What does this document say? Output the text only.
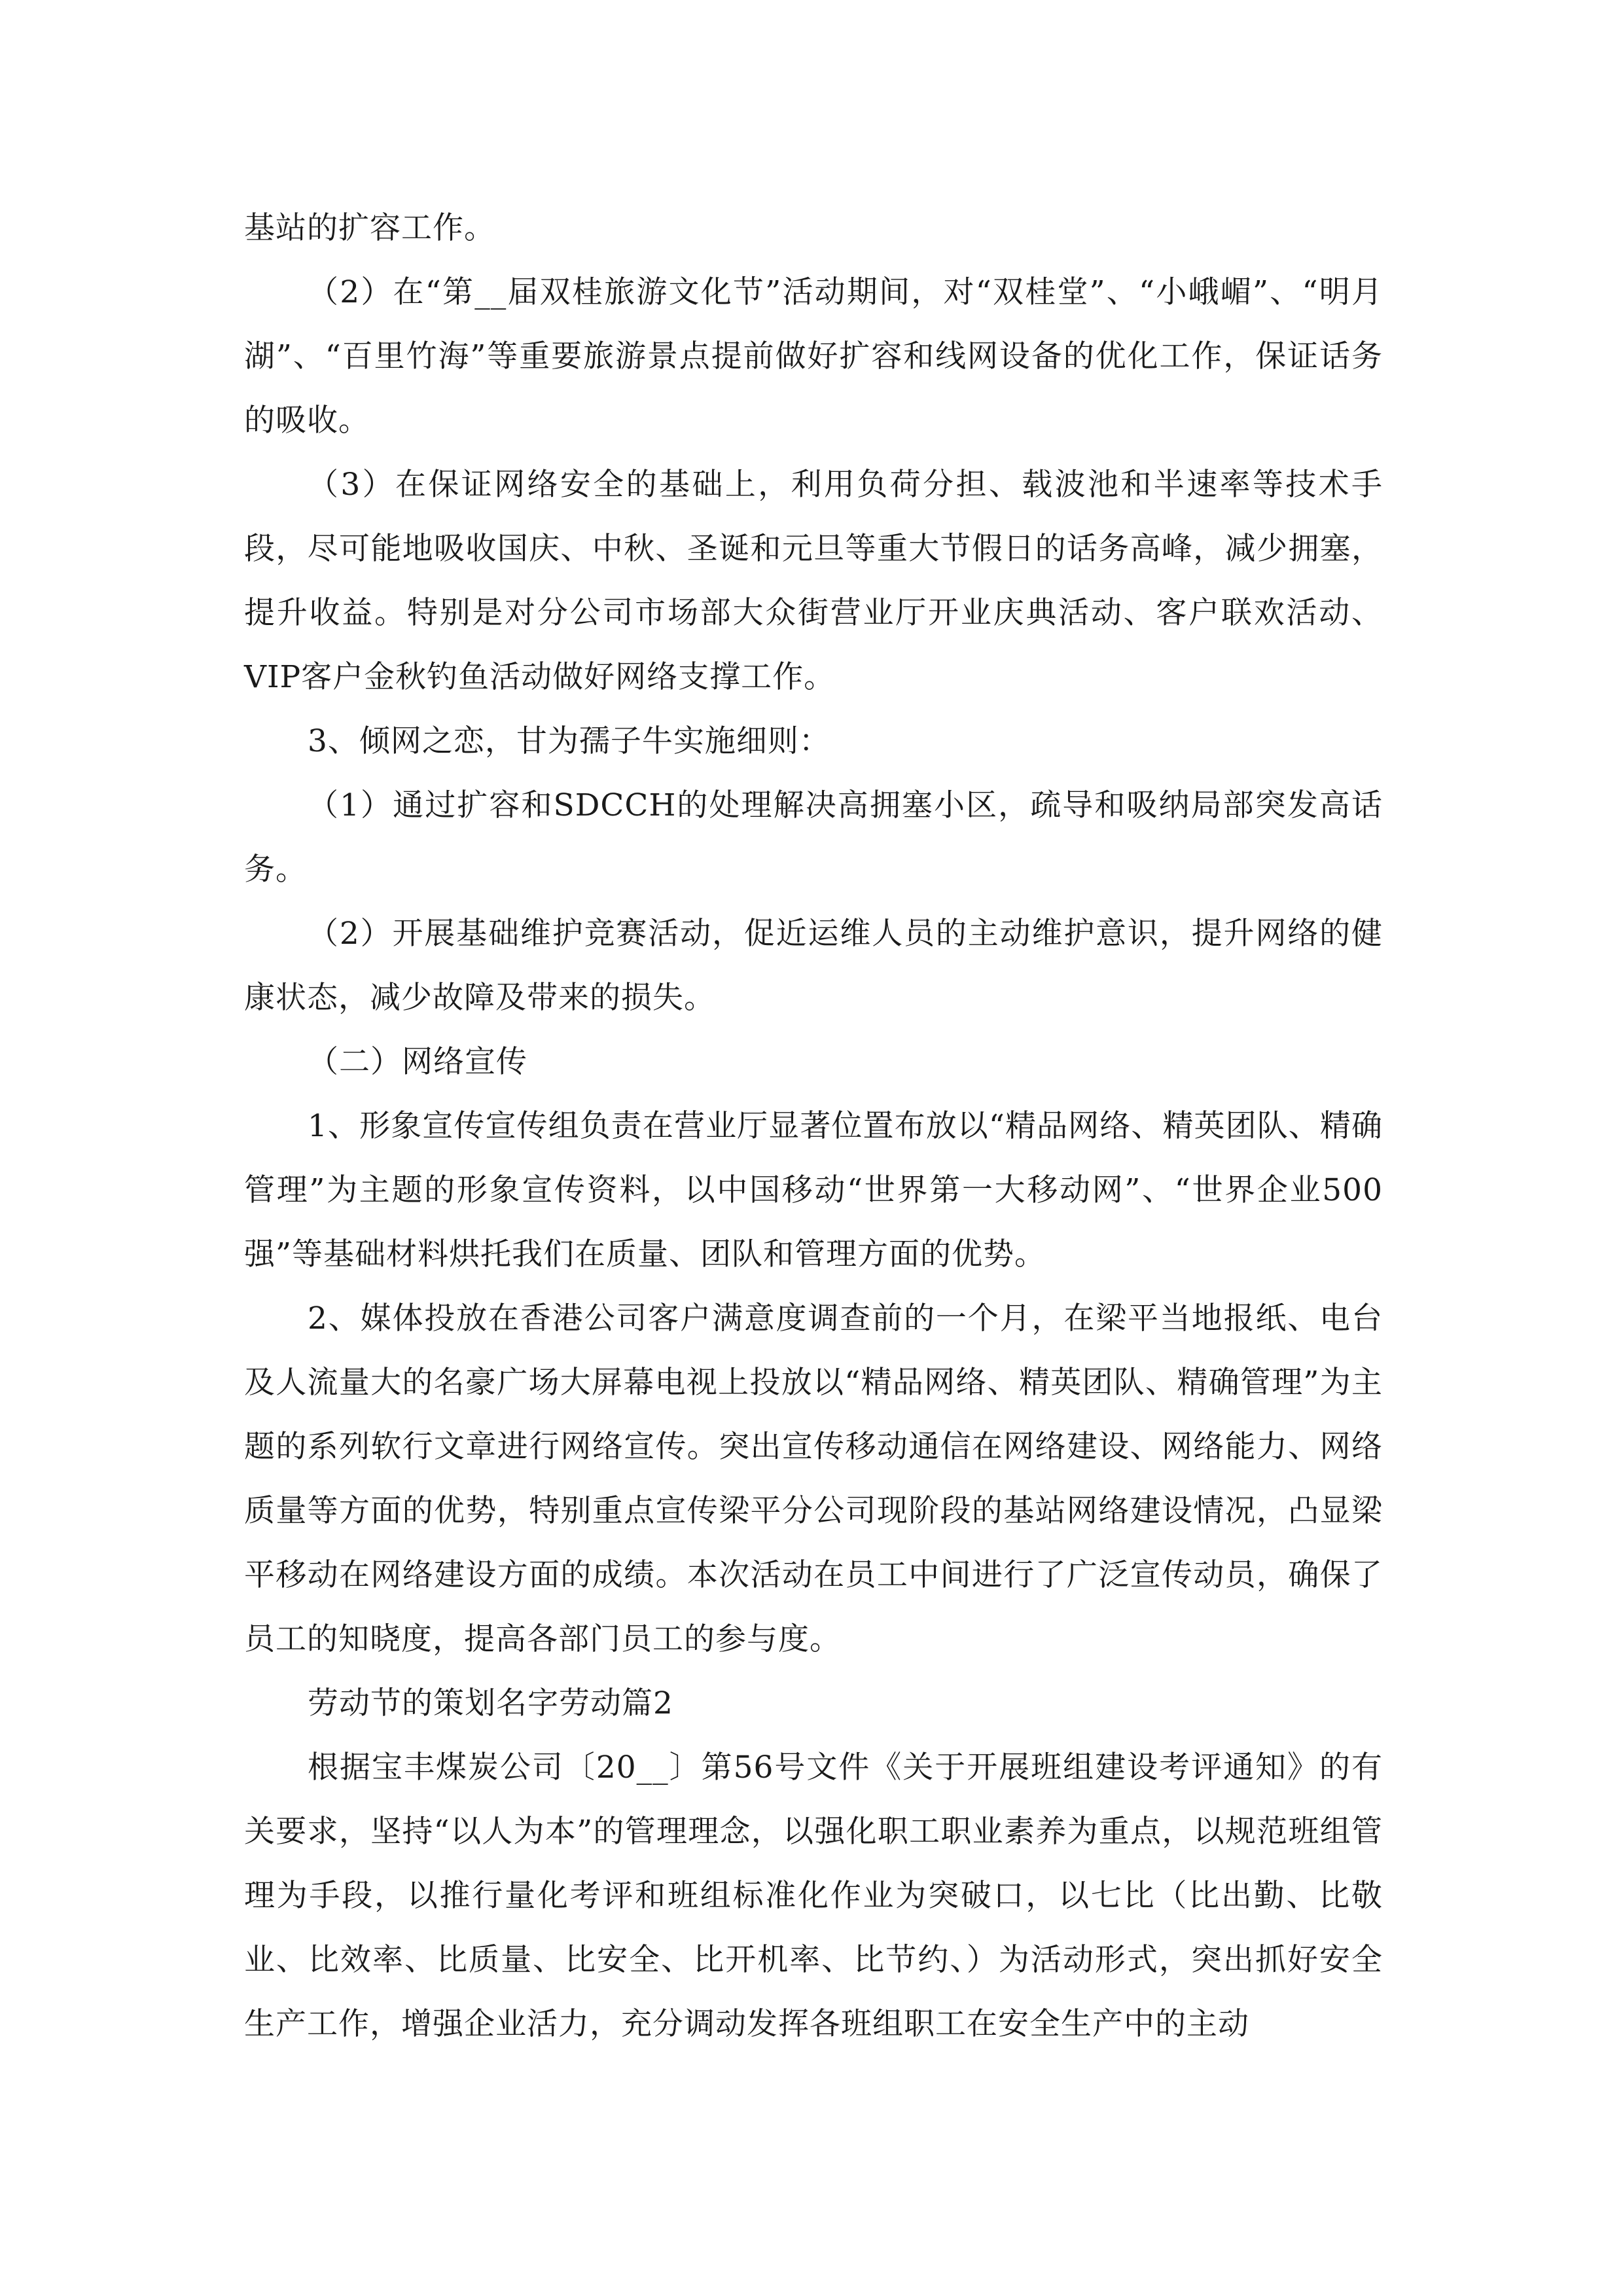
基站的扩容工作。

（2）在“第__届双桂旅游文化节”活动期间，对“双桂堂”、“小峨嵋”、“明月湖”、“百里竹海”等重要旅游景点提前做好扩容和线网设备的优化工作，保证话务的吸收。

（3）在保证网络安全的基础上，利用负荷分担、载波池和半速率等技术手段，尽可能地吸收国庆、中秋、圣诞和元旦等重大节假日的话务高峰，减少拥塞，提升收益。特别是对分公司市场部大众街营业厅开业庆典活动、客户联欢活动、VIP客户金秋钓鱼活动做好网络支撑工作。

3、倾网之恋，甘为孺子牛实施细则：

（1）通过扩容和SDCCH的处理解决高拥塞小区，疏导和吸纳局部突发高话务。

（2）开展基础维护竞赛活动，促近运维人员的主动维护意识，提升网络的健康状态，减少故障及带来的损失。

（二）网络宣传

1、形象宣传宣传组负责在营业厅显著位置布放以“精品网络、精英团队、精确管理”为主题的形象宣传资料，以中国移动“世界第一大移动网”、“世界企业500强”等基础材料烘托我们在质量、团队和管理方面的优势。

2、媒体投放在香港公司客户满意度调查前的一个月，在梁平当地报纸、电台及人流量大的名豪广场大屏幕电视上投放以“精品网络、精英团队、精确管理”为主题的系列软行文章进行网络宣传。突出宣传移动通信在网络建设、网络能力、网络质量等方面的优势，特别重点宣传梁平分公司现阶段的基站网络建设情况，凸显梁平移动在网络建设方面的成绩。本次活动在员工中间进行了广泛宣传动员，确保了员工的知晓度，提高各部门员工的参与度。

劳动节的策划名字劳动篇2

根据宝丰煤炭公司〔20__〕第56号文件《关于开展班组建设考评通知》的有关要求，坚持“以人为本”的管理理念，以强化职工职业素养为重点，以规范班组管理为手段，以推行量化考评和班组标准化作业为突破口，以七比（比出勤、比敬业、比效率、比质量、比安全、比开机率、比节约、）为活动形式，突出抓好安全生产工作，增强企业活力，充分调动发挥各班组职工在安全生产中的主动
